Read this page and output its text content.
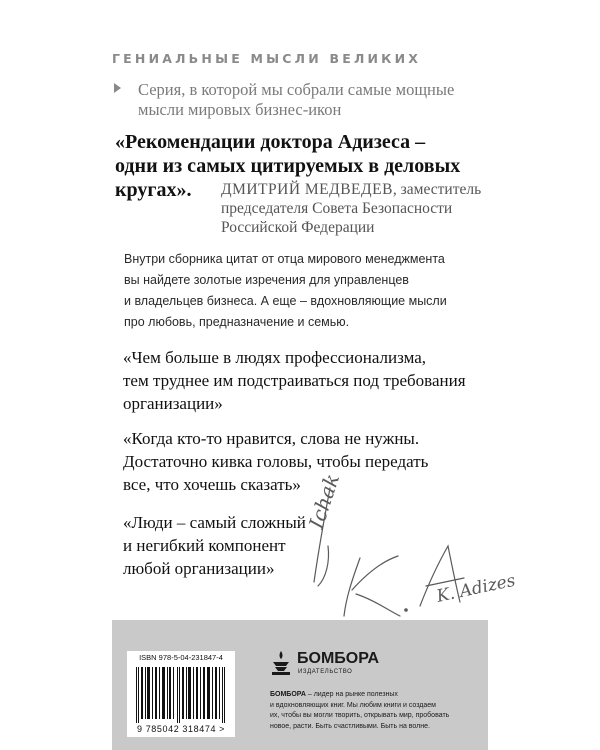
ГЕНИАЛЬНЫЕ МЫСЛИ ВЕЛИКИХ
Серия, в которой мы собрали самые мощные мысли мировых бизнес-икон
«Рекомендации доктора Адизеса –
одни из самых цитируемых в деловых
кругах».	ДМИТРИЙ МЕДВЕДЕВ, заместитель
председателя Совета Безопасности
Российской Федерации
Внутри сборника цитат от отца мирового менеджмента
вы найдете золотые изречения для управленцев
и владельцев бизнеса. А еще – вдохновляющие мысли
про любовь, предназначение и семью.
«Чем больше в людях профессионализма,
тем труднее им подстраиваться под требования
организации»
«Когда кто-то нравится, слова не нужны.
Достаточно кивка головы, чтобы передать
все, что хочешь сказать»
«Люди – самый сложный
и негибкий компонент
любой организации»
Ichak
K. Adizes
ISBN 978-5-04-231847-4
9 785042 318474 >
БОМБОРА
ИЗДАТЕЛЬСТВО
БОМБОРА – лидер на рынке полезных
и вдохновляющих книг. Мы любим книги и создаем
их, чтобы вы могли творить, открывать мир, пробовать
новое, расти. Быть счастливыми. Быть на волне.
